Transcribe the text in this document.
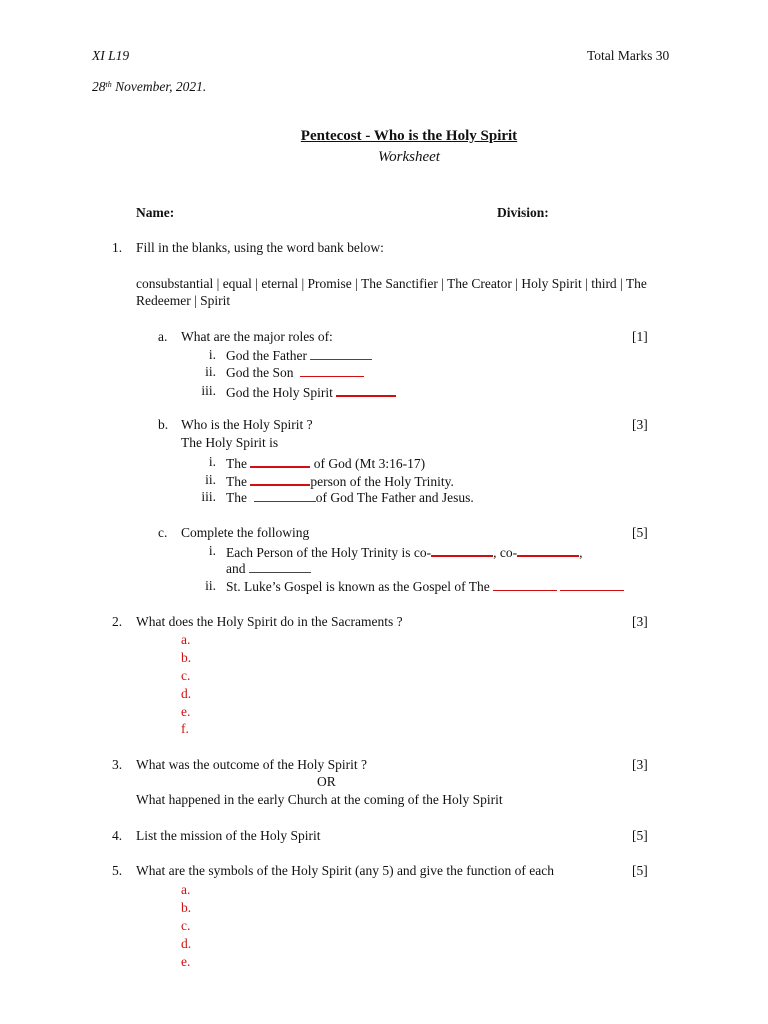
XI L19	Total Marks 30
28th November, 2021.
Pentecost - Who is the Holy Spirit
Worksheet
Name:	Division:
1. Fill in the blanks, using the word bank below:
consubstantial | equal | eternal | Promise | The Sanctifier | The Creator | Holy Spirit | third | The
Redeemer | Spirit
a. What are the major roles of:	[1]
i. God the Father
ii. God the Son
iii. God the Holy Spirit
b. Who is the Holy Spirit ?	[3]
The Holy Spirit is
i. The	of God (Mt 3:16-17)
ii. The	person of the Holy Trinity.
iii. The	of God The Father and Jesus.
c. Complete the following	[5]
i. Each Person of the Holy Trinity is co-	, co-	,
and
ii. St. Luke’s Gospel is known as the Gospel of The
2. What does the Holy Spirit do in the Sacraments ?	[3]
a.
b.
c.
d.
e.
f.
3. What was the outcome of the Holy Spirit ?	[3]
OR
What happened in the early Church at the coming of the Holy Spirit
4. List the mission of the Holy Spirit	[5]
5. What are the symbols of the Holy Spirit (any 5) and give the function of each	[5]
a.
b.
c.
d.
e.
